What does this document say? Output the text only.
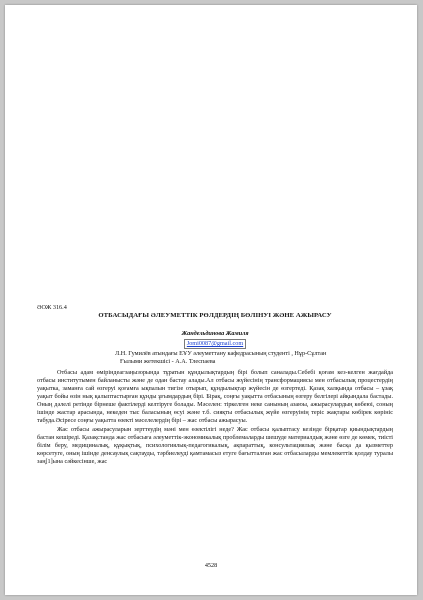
ӘОЖ 316.4
ОТБАСЫДАҒЫ ӘЛЕУМЕТТІК РӨЛДЕРДІҢ БӨЛІНУІ ЖӘНЕ АЖЫРАСУ
Жандельдинова Жамиля
Jomi0087@gmail.com
Л.Н. Гумилёв атындағы ЕҰУ әлеуметтану кафедрасының студенті , Нұр-Сұлтан
Ғылыми жетекшісі - А.А. Тлеспаева
Отбасы адам өміріндеагзаңызорында тұратын құндылықтардың бірі болып саналады.Себебі қоғам кез-келген жағдайда отбасы институтымен байланысты және де одан бастау алады.Ал отбасы жүйесінің трансформацияcы мен отбасылық процестердің уақытка, заманға сай өзгеруі қоғамға ықпалын тигізе отырып, құндылықтар жүйесін де өзгертеді. Қазақ халқында отбасы – ұзақ уақыт бойы өзін нық қалыптастырған құнды ұғымдардың бірі. Бірақ, соңғы уақытта отбасының өзгеру белгілері айқындала бастады. Оның дәлелі ретінде бірнеше фактілерді келтіруге болады. Мәселен: тіркелген неке санының азаюы, ажырасулардың көбеюі, соның ішінде жастар арасында, некеден тыс баласының өсуі және т.б. сияқты отбасылық жүйе өзгеруінің теріс жақтары көбірек көрініс табуда.Әсіресе соңғы уақытта өзекті мәселелердің бірі – жас отбасы ажырасуы.
Жас отбасы ажырасуларын зерттеудің мәні мен өзектілігі неде? Жас отбасы қалыптасу кезінде бірқатар қиындықтардың бастан кешіреді. Қазақстанда жас отбасыға әлеуметтік-экономикалық проблемаларды шешуде материалдық және өзге де көмек, тиісті білім беру, медициналық, құқықтық, психологиялық-педагогикалық, ақпараттық, консультациялық және басқа да қызметтер көрсетуге, оның ішінде денсаулық сақтауды, тәрбиелеуді қамтамасыз етуге бағытталған жас отбасыларды мемлекеттік қолдау туралы заң[1]ына сәйкесінше, жас
4528
